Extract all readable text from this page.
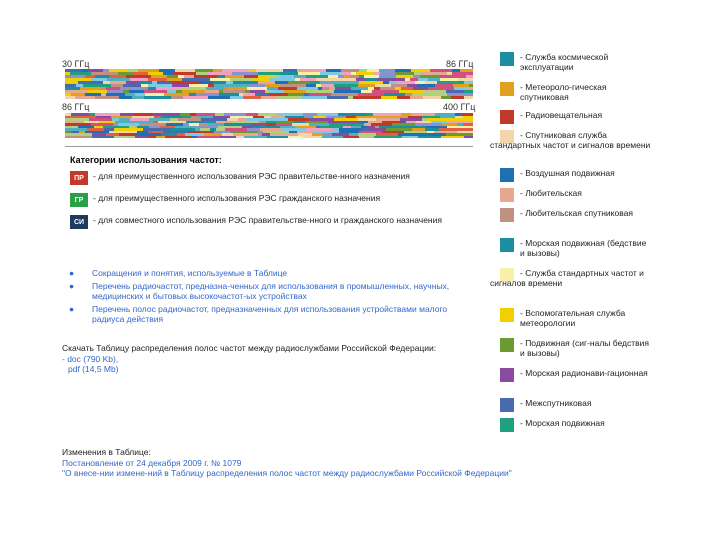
30 ГГц	86 ГГц
86 ГГц	400 ГГц
Категории использования частот:
ПР	- для преимущественного использования РЭС правительстве-нного назначения
ГР	- для преимущественного использования РЭС гражданского назначения
СИ	- для совместного использования РЭС правительстве-нного и гражданского назначения
● Сокращения и понятия, используемые в Таблице
● Перечень радиочастот, предназна-ченных для использования в промышленных, научных, медицинских и бытовых высокочастот-ых устройствах
● Перечень полос радиочастот, предназначенных для использования устройствами малого радиуса действия
Скачать Таблицу распределения полос частот между радиослужбами Российской Федерации:
- doc (790 Kb),
pdf (14,5 Mb)
Изменения в Таблице:
Постановление от 24 декабря 2009 г. № 1079
"О внесе-нии измене-ний в Таблицу распределения полос частот между радиослужбами Российской Федерации"
- Служба космической эксплуатации
- Метеороло-гическая спутниковая
- Радиовещательная
- Спутниковая служба стандартных частот и сигналов времени
- Воздушная подвижная
- Любительская
- Любительская спутниковая
- Морская подвижная (бедствие и вызовы)
- Служба стандартных частот и сигналов времени
- Вспомогательная служба метеорологии
- Подвижная (сиг-налы бедствия и вызовы)
- Морская радионави-гационная
- Межспутниковая
- Морская подвижная
